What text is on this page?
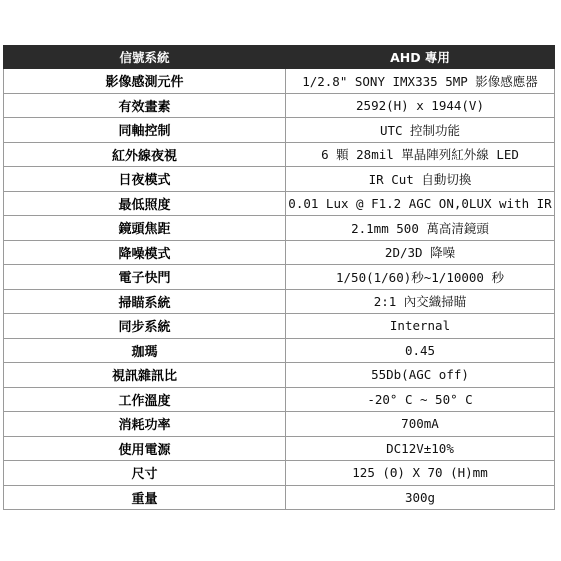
信號系統	AHD 專用
影像感測元件	1/2.8" SONY IMX335 5MP 影像感應器
有效畫素	2592(H) x 1944(V)
同軸控制	UTC 控制功能
紅外線夜視	6 顆 28mil 單晶陣列紅外線 LED
日夜模式	IR Cut 自動切換
最低照度	0.01 Lux @ F1.2 AGC ON,0LUX with IR
鏡頭焦距	2.1mm 500 萬高清鏡頭
降噪模式	2D/3D 降噪
電子快門	1/50(1/60)秒~1/10000 秒
掃瞄系統	2:1 內交織掃瞄
同步系統	Internal
珈瑪	0.45
視訊雜訊比	55Db(AGC off)
工作溫度	-20° C ~ 50° C
消耗功率	700mA
使用電源	DC12V±10%
尺寸	125 (Θ) X 70 (H)mm
重量	300g
